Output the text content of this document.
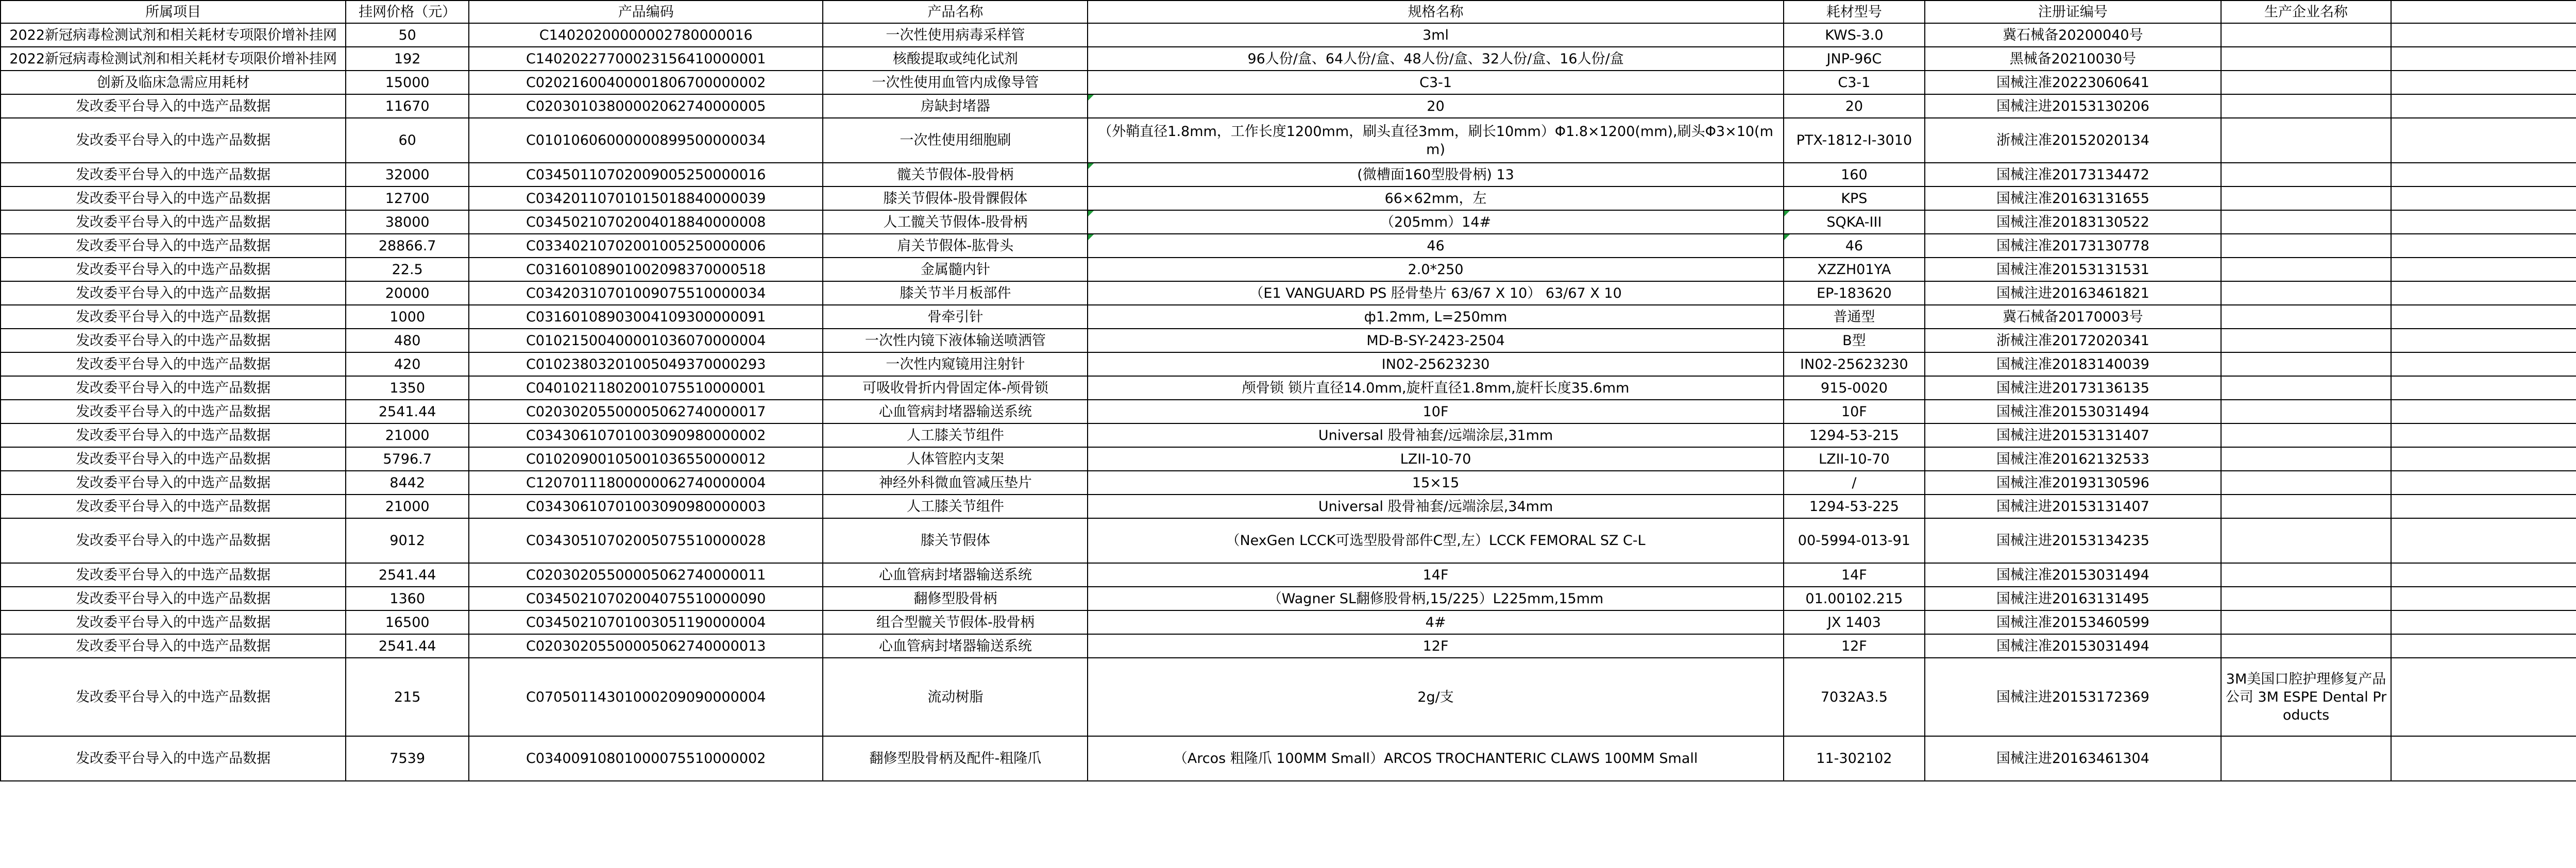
所属项目	挂网价格（元）	产品编码	产品名称	规格名称	耗材型号	注册证编号	生产企业名称	
2022新冠病毒检测试剂和相关耗材专项限价增补挂网	50	C14020200000002780000016	一次性使用病毒采样管	3ml	KWS-3.0	冀石械备20200040号		
2022新冠病毒检测试剂和相关耗材专项限价增补挂网	192	C14020227700023156410000001	核酸提取或纯化试剂	96人份/盒、64人份/盒、48人份/盒、32人份/盒、16人份/盒	JNP-96C	黑械备20210030号		
创新及临床急需应用耗材	15000	C02021600400001806700000002	一次性使用血管内成像导管	C3-1	C3-1	国械注准20223060641		
发改委平台导入的中选产品数据	11670	C02030103800002062740000005	房缺封堵器	20	20	国械注进20153130206		
发改委平台导入的中选产品数据	60	C01010606000000899500000034	一次性使用细胞刷	（外鞘直径1.8mm，工作长度1200mm，刷头直径3mm，刷长10mm）Φ1.8×1200(mm),刷头Φ3×10(mm)	PTX-1812-I-3010	浙械注准20152020134		
发改委平台导入的中选产品数据	32000	C03450110702009005250000016	髋关节假体-股骨柄	(微槽面160型股骨柄) 13	160	国械注准20173134472		
发改委平台导入的中选产品数据	12700	C03420110701015018840000039	膝关节假体-股骨髁假体	66×62mm，左	KPS	国械注准20163131655		
发改委平台导入的中选产品数据	38000	C03450210702004018840000008	人工髋关节假体-股骨柄	（205mm）14#	SQKA-III	国械注准20183130522		
发改委平台导入的中选产品数据	28866.7	C03340210702001005250000006	肩关节假体-肱骨头	46	46	国械注准20173130778		
发改委平台导入的中选产品数据	22.5	C03160108901002098370000518	金属髓内针	2.0*250	XZZH01YA	国械注准20153131531		
发改委平台导入的中选产品数据	20000	C03420310701009075510000034	膝关节半月板部件	（E1 VANGUARD PS 胫骨垫片 63/67 X 10） 63/67 X 10	EP-183620	国械注进20163461821		
发改委平台导入的中选产品数据	1000	C03160108903004109300000091	骨牵引针	ф1.2mm, L=250mm	普通型	冀石械备20170003号		
发改委平台导入的中选产品数据	480	C01021500400001036070000004	一次性内镜下液体输送喷洒管	MD-B-SY-2423-2504	B型	浙械注准20172020341		
发改委平台导入的中选产品数据	420	C01023803201005049370000293	一次性内窥镜用注射针	IN02-25623230	IN02-25623230	国械注准20183140039		
发改委平台导入的中选产品数据	1350	C04010211802001075510000001	可吸收骨折内骨固定体-颅骨锁	颅骨锁 锁片直径14.0mm,旋杆直径1.8mm,旋杆长度35.6mm	915-0020	国械注进20173136135		
发改委平台导入的中选产品数据	2541.44	C02030205500005062740000017	心血管病封堵器输送系统	10F	10F	国械注准20153031494		
发改委平台导入的中选产品数据	21000	C03430610701003090980000002	人工膝关节组件	Universal 股骨袖套/远端涂层,31mm	1294-53-215	国械注进20153131407		
发改委平台导入的中选产品数据	5796.7	C01020900105001036550000012	人体管腔内支架	LZII-10-70	LZII-10-70	国械注准20162132533		
发改委平台导入的中选产品数据	8442	C12070111800000062740000004	神经外科微血管减压垫片	15×15	/	国械注准20193130596		
发改委平台导入的中选产品数据	21000	C03430610701003090980000003	人工膝关节组件	Universal 股骨袖套/远端涂层,34mm	1294-53-225	国械注进20153131407		
发改委平台导入的中选产品数据	9012	C03430510702005075510000028	膝关节假体	（NexGen LCCK可选型股骨部件C型,左）LCCK FEMORAL SZ C-L	00-5994-013-91	国械注进20153134235		
发改委平台导入的中选产品数据	2541.44	C02030205500005062740000011	心血管病封堵器输送系统	14F	14F	国械注准20153031494		
发改委平台导入的中选产品数据	1360	C03450210702004075510000090	翻修型股骨柄	（Wagner SL翻修股骨柄,15/225）L225mm,15mm	01.00102.215	国械注进20163131495		
发改委平台导入的中选产品数据	16500	C03450210701003051190000004	组合型髋关节假体-股骨柄	4#	JX 1403	国械注准20153460599		
发改委平台导入的中选产品数据	2541.44	C02030205500005062740000013	心血管病封堵器输送系统	12F	12F	国械注准20153031494		
发改委平台导入的中选产品数据	215	C07050114301000209090000004	流动树脂	2g/支	7032A3.5	国械注进20153172369	3M美国口腔护理修复产品公司 3M ESPE Dental Products	
发改委平台导入的中选产品数据	7539	C03400910801000075510000002	翻修型股骨柄及配件-粗隆爪	（Arcos 粗隆爪 100MM Small）ARCOS TROCHANTERIC CLAWS 100MM Small	11-302102	国械注进20163461304		
